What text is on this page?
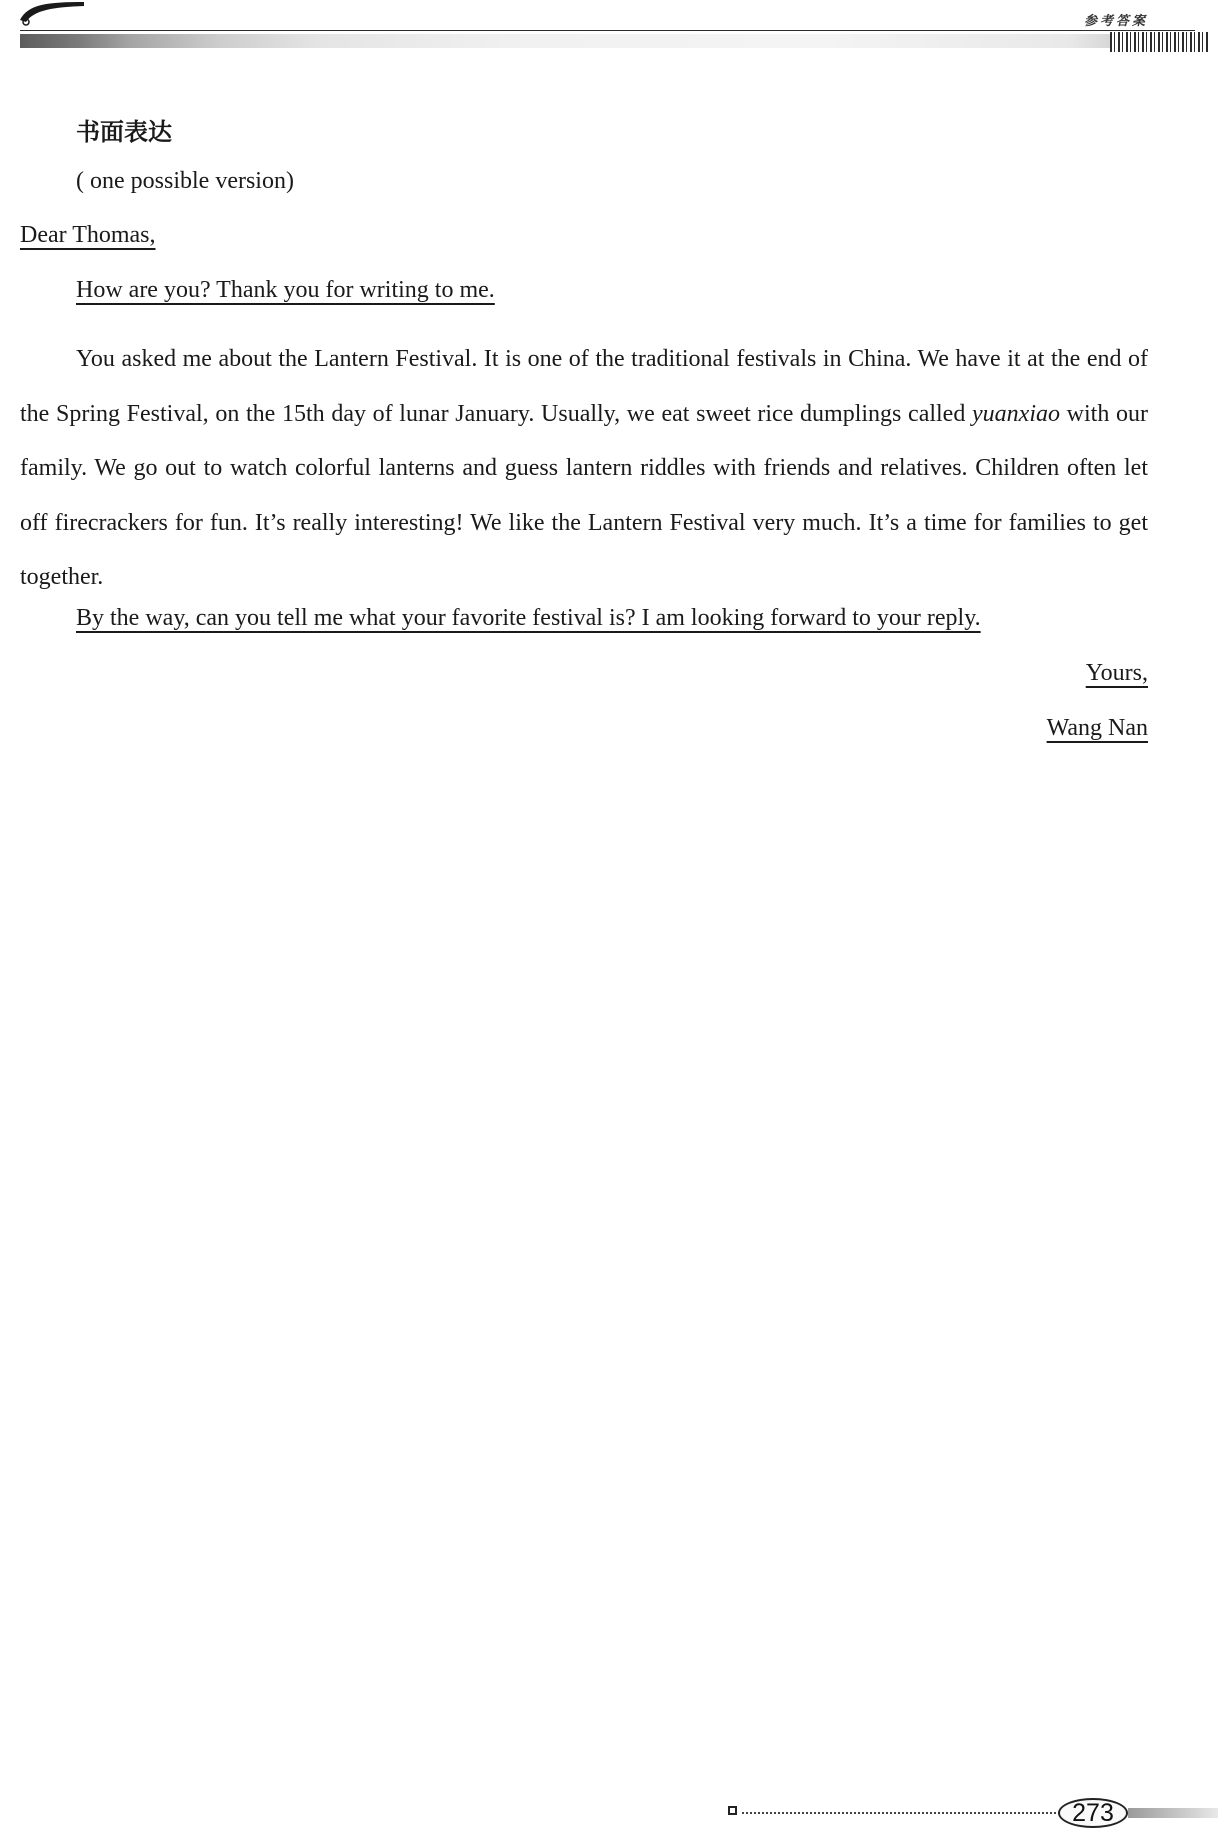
参考答案
书面表达
( one possible version)
Dear Thomas,
How are you? Thank you for writing to me.

You asked me about the Lantern Festival. It is one of the traditional festivals in China. We have it at the end of the Spring Festival, on the 15th day of lunar January. Usually, we eat sweet rice dumplings called yuanxiao with our family. We go out to watch colorful lanterns and guess lantern riddles with friends and relatives. Children often let off firecrackers for fun. It’s really interesting! We like the Lantern Festival very much. It’s a time for families to get together.

By the way, can you tell me what your favorite festival is? I am looking forward to your reply.
Yours,
Wang Nan
273
